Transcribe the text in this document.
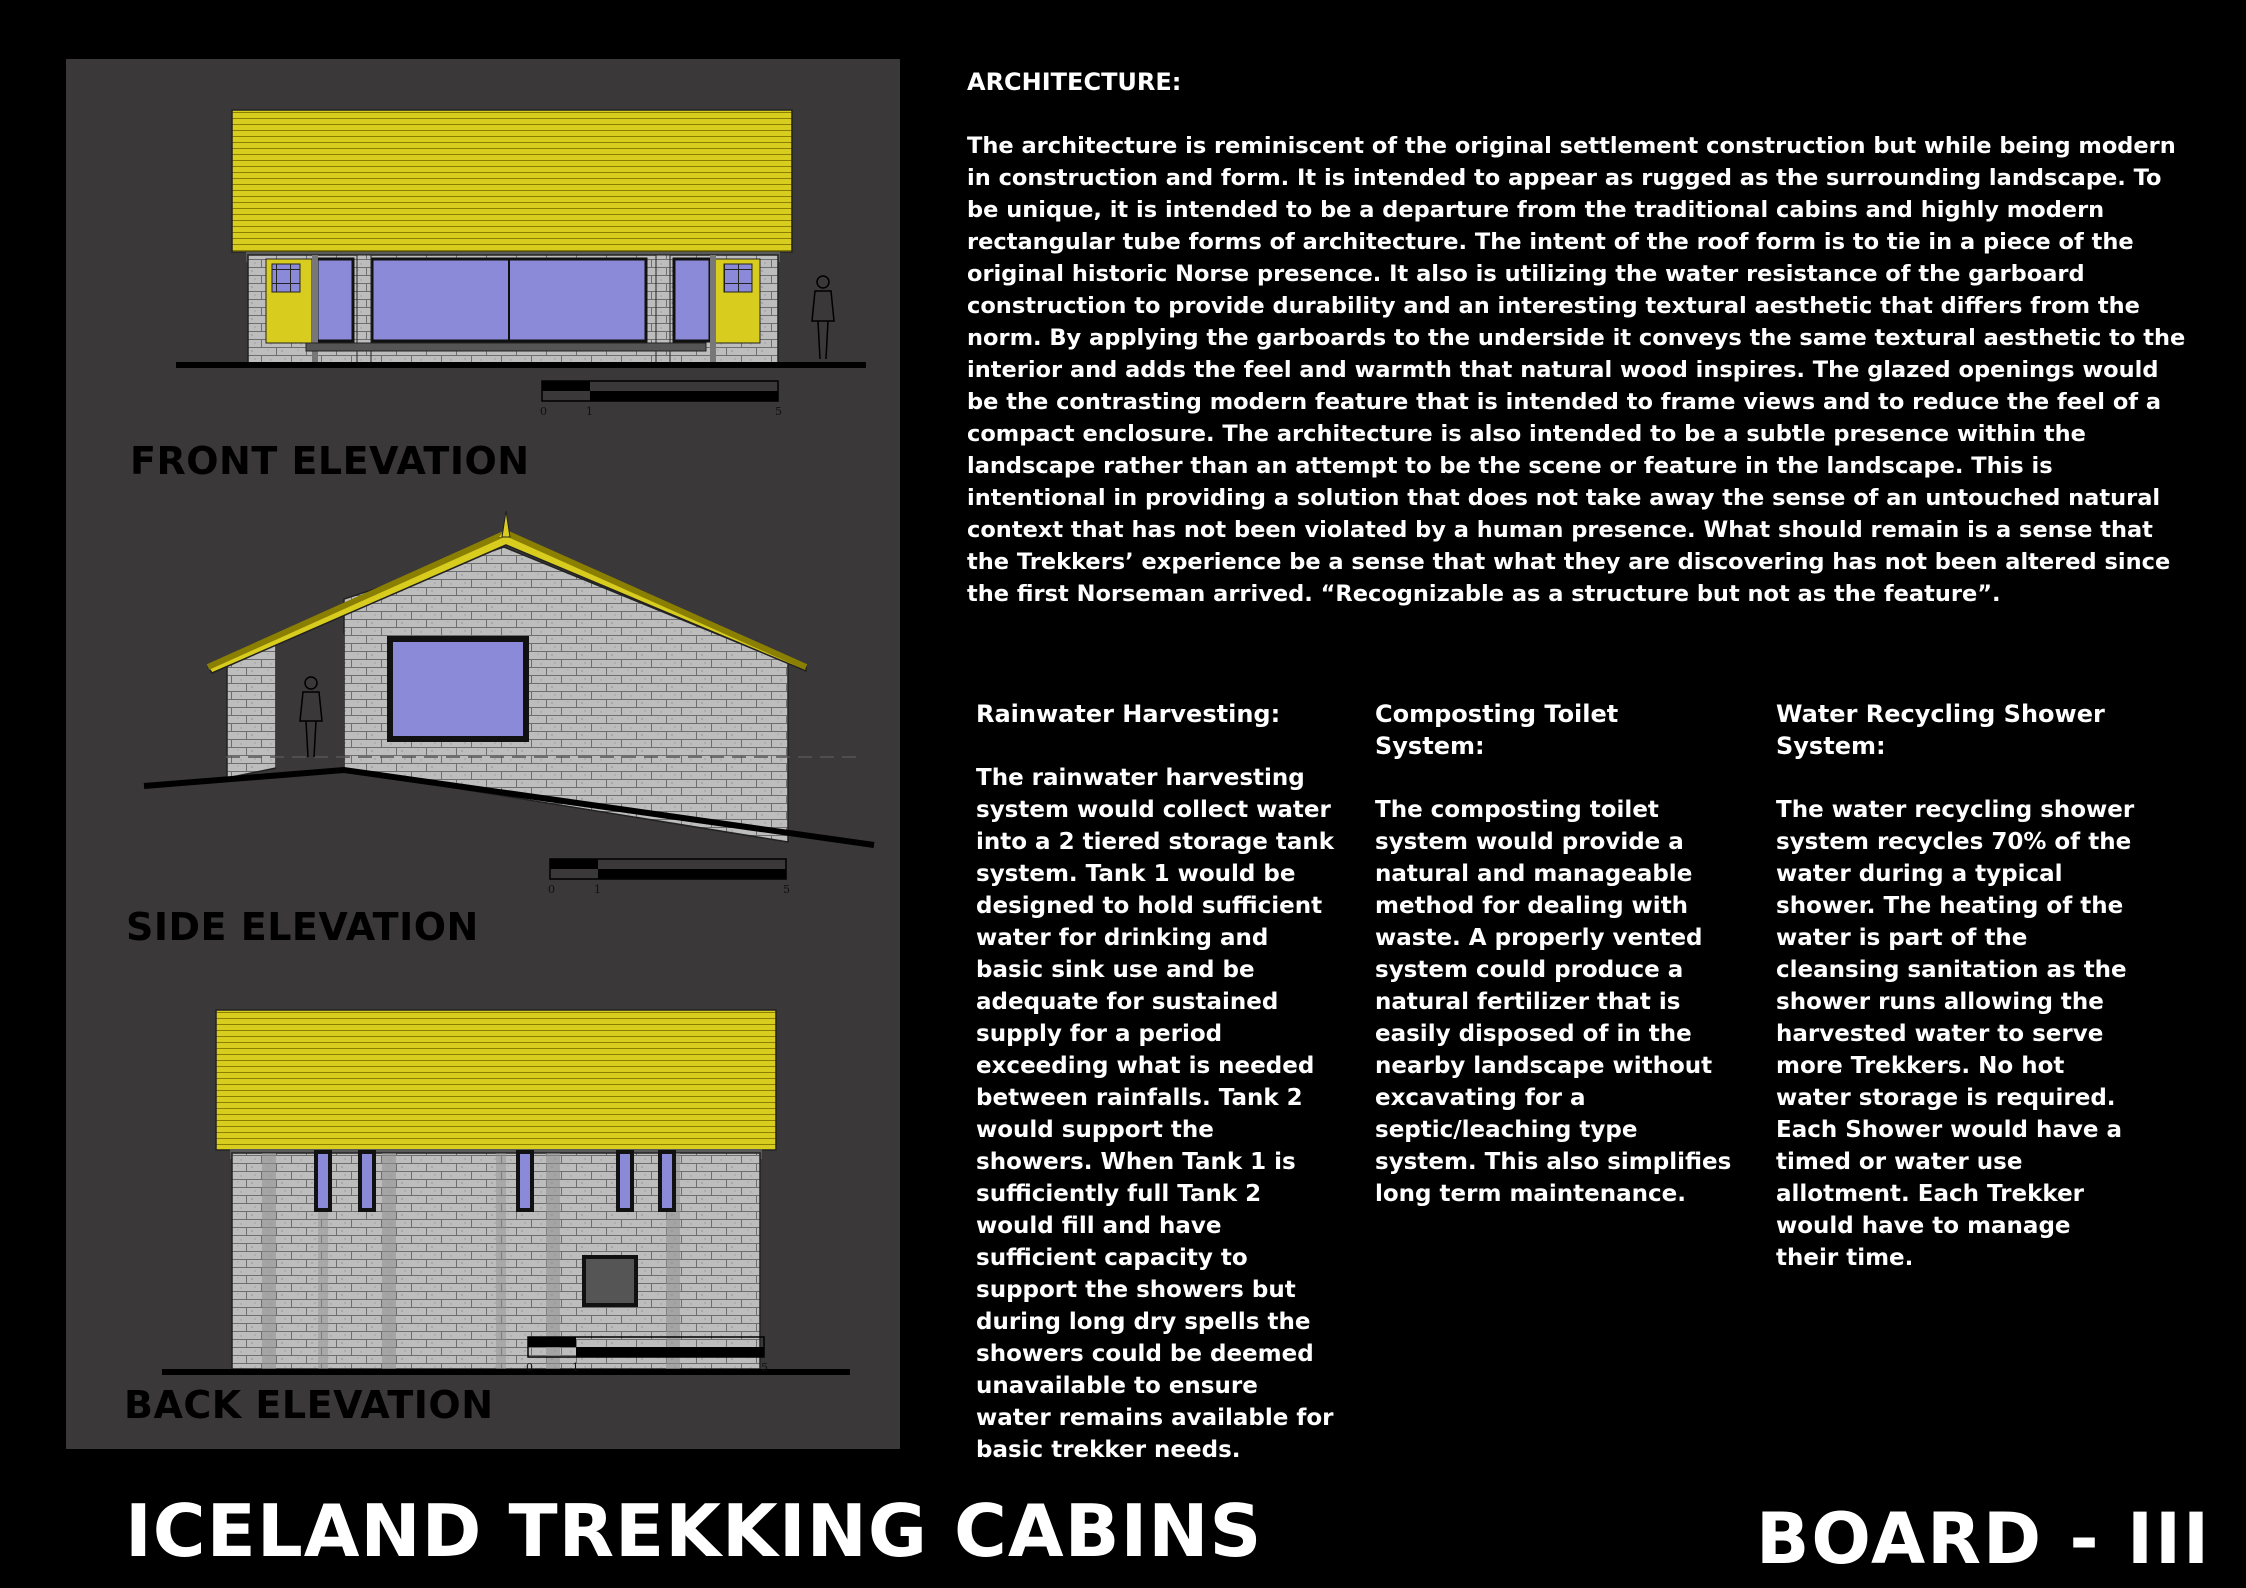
0	1	5
0	1	5
0	1	5
FRONT ELEVATION
SIDE ELEVATION
BACK ELEVATION
ARCHITECTURE:

The architecture is reminiscent of the original settlement construction but while being modern in construction and form. It is intended to appear as rugged as the surrounding landscape. To be unique, it is intended to be a departure from the traditional cabins and highly modern rectangular tube forms of architecture. The intent of the roof form is to tie in a piece of the original historic Norse presence. It also is utilizing the water resistance of the garboard construction to provide durability and an interesting textural aesthetic that differs from the norm. By applying the garboards to the underside it conveys the same textural aesthetic to the interior and adds the feel and warmth that natural wood inspires. The glazed openings would be the contrasting modern feature that is intended to frame views and to reduce the feel of a compact enclosure. The architecture is also intended to be a subtle presence within the landscape rather than an attempt to be the scene or feature in the landscape. This is intentional in providing a solution that does not take away the sense of an untouched natural context that has not been violated by a human presence. What should remain is a sense that the Trekkers’ experience be a sense that what they are discovering has not been altered since the first Norseman arrived. “Recognizable as a structure but not as the feature”.

Rainwater Harvesting:

The rainwater harvesting system would collect water into a 2 tiered storage tank system. Tank 1 would be designed to hold sufficient water for drinking and basic sink use and be adequate for sustained supply for a period exceeding what is needed between rainfalls. Tank 2 would support the showers. When Tank 1 is sufficiently full Tank 2 would fill and have sufficient capacity to support the showers but during long dry spells the showers could be deemed unavailable to ensure water remains available for basic trekker needs.

Composting Toilet System:

The composting toilet system would provide a natural and manageable method for dealing with waste. A properly vented system could produce a natural fertilizer that is easily disposed of in the nearby landscape without excavating for a septic/leaching type system. This also simplifies long term maintenance.

Water Recycling Shower System:

The water recycling shower system recycles 70% of the water during a typical shower. The heating of the water is part of the cleansing sanitation as the shower runs allowing the harvested water to serve more Trekkers. No hot water storage is required. Each Shower would have a timed or water use allotment. Each Trekker would have to manage their time.

ICELAND TREKKING CABINS	BOARD - III
